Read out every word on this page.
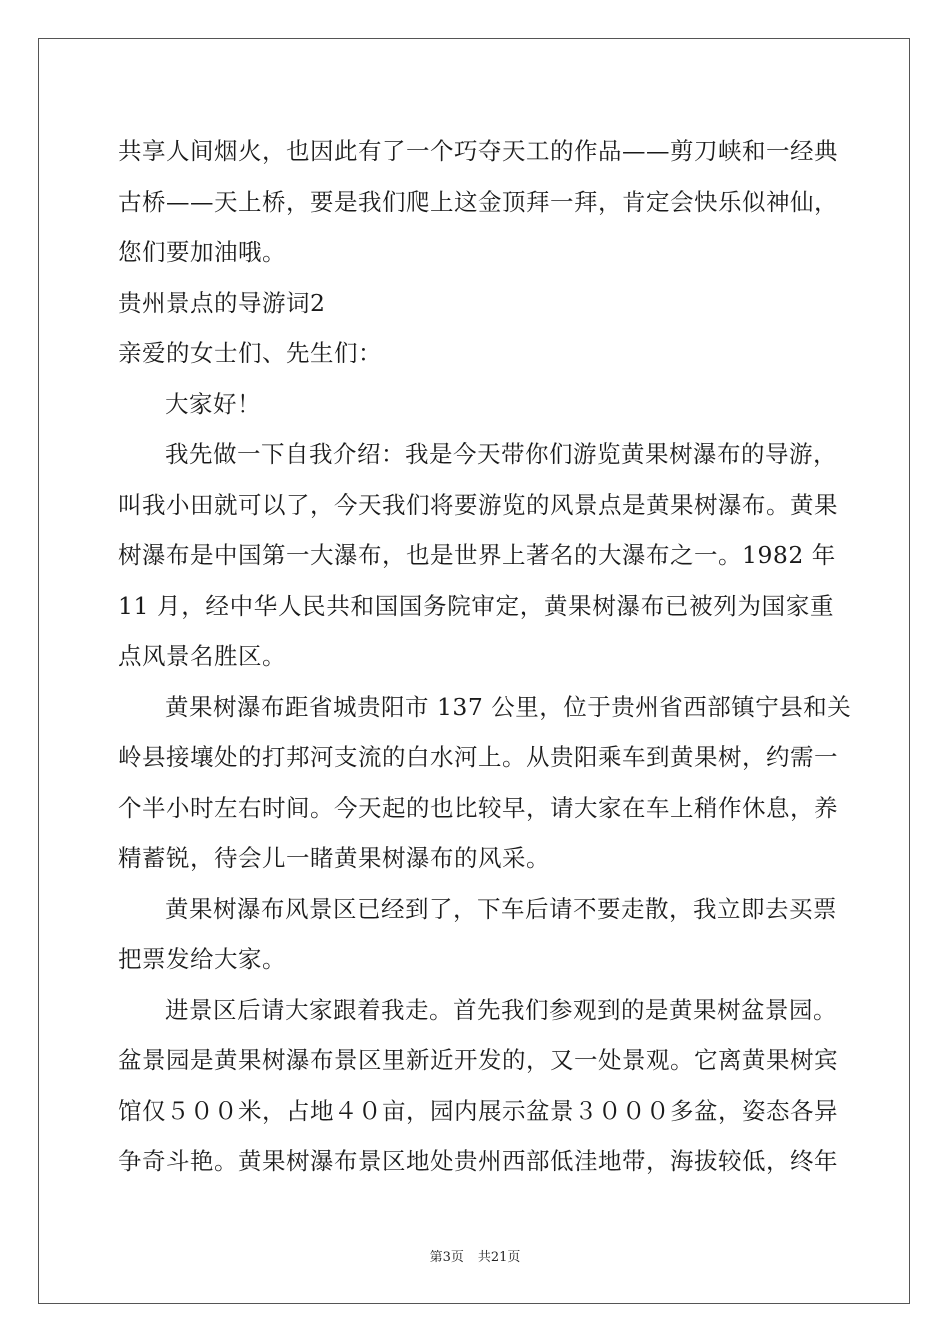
共享人间烟火，也因此有了一个巧夺天工的作品——剪刀峡和一经典
古桥——天上桥，要是我们爬上这金顶拜一拜，肯定会快乐似神仙，
您们要加油哦。
贵州景点的导游词2
亲爱的女士们、先生们：
大家好！
我先做一下自我介绍：我是今天带你们游览黄果树瀑布的导游，
叫我小田就可以了，今天我们将要游览的风景点是黄果树瀑布。黄果
树瀑布是中国第一大瀑布，也是世界上著名的大瀑布之一。1982 年
11 月，经中华人民共和国国务院审定，黄果树瀑布已被列为国家重
点风景名胜区。
黄果树瀑布距省城贵阳市 137 公里，位于贵州省西部镇宁县和关
岭县接壤处的打邦河支流的白水河上。从贵阳乘车到黄果树，约需一
个半小时左右时间。今天起的也比较早，请大家在车上稍作休息，养
精蓄锐，待会儿一睹黄果树瀑布的风采。
黄果树瀑布风景区已经到了，下车后请不要走散，我立即去买票
把票发给大家。
进景区后请大家跟着我走。首先我们参观到的是黄果树盆景园。
盆景园是黄果树瀑布景区里新近开发的，又一处景观。它离黄果树宾
馆仅５００米，占地４０亩，园内展示盆景３０００多盆，姿态各异
争奇斗艳。黄果树瀑布景区地处贵州西部低洼地带，海拔较低，终年
第3页 共21页
